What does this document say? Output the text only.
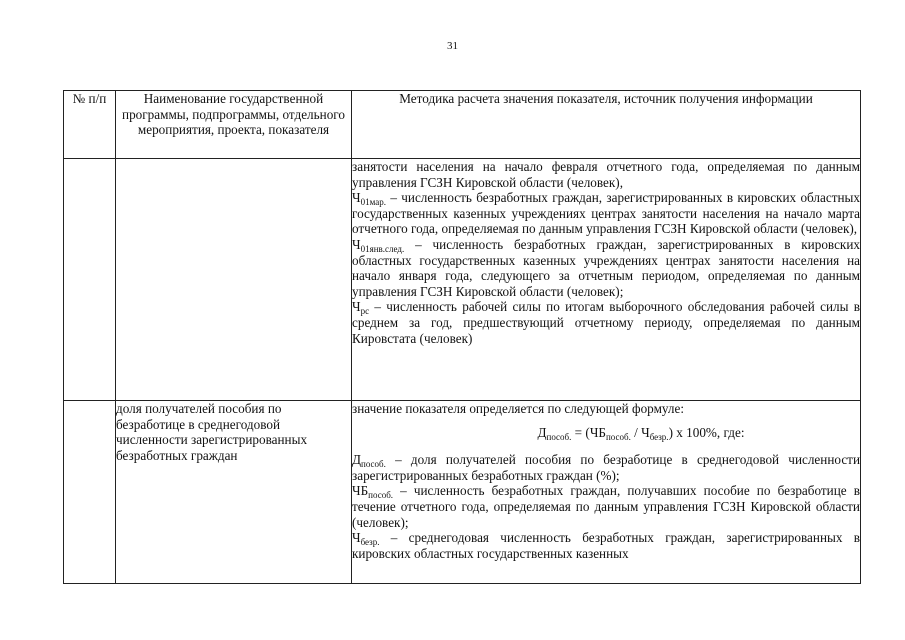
31
№ п/п	Наименование государственной программы, подпрограммы, отдельного мероприятия, проекта, показателя	Методика расчета значения показателя, источник получения информации

		занятости населения на начало февраля отчетного года, определяемая по данным управления ГСЗН Кировской области (человек),

$Ч_{01мар.}$ – численность безработных граждан, зарегистрированных в кировских областных государственных казенных учреждениях центрах занятости населения на начало марта отчетного года, определяемая по данным управления ГСЗН Кировской области (человек),

$Ч_{01янв.след.}$ – численность безработных граждан, зарегистрированных в кировских областных государственных казенных учреждениях центрах занятости населения на начало января года, следующего за отчетным периодом, определяемая по данным управления ГСЗН Кировской области (человек);

$Ч_{рс}$ – численность рабочей силы по итогам выборочного обследования рабочей силы в среднем за год, предшествующий отчетному периоду, определяемая по данным Кировстата (человек)

	доля получателей пособия по безработице в среднегодовой численности зарегистрированных безработных граждан	значение показателя определяется по следующей формуле:

$Д_{пособ.} = (ЧБ_{пособ.} / Ч_{безр.})$ x 100%, где:

$Д_{пособ.}$ – доля получателей пособия по безработице в среднегодовой численности зарегистрированных безработных граждан (%);

$ЧБ_{пособ.}$ – численность безработных граждан, получавших пособие по безработице в течение отчетного года, определяемая по данным управления ГСЗН Кировской области (человек);

$Ч_{безр.}$ – среднегодовая численность безработных граждан, зарегистрированных в кировских областных государственных казенных
